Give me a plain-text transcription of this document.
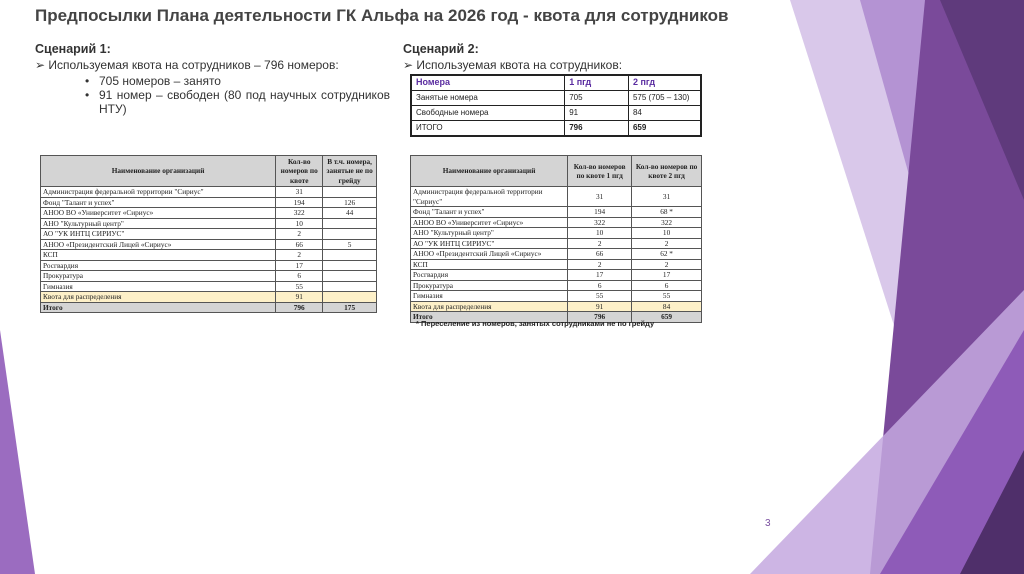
Предпосылки Плана деятельности ГК Альфа на 2026 год - квота для сотрудников
Сценарий 1:

➢ Используемая квота на сотрудников – 796 номеров:

• 705 номеров – занято
• 91 номер – свободен (80 под научных сотрудников НТУ)
Сценарий 2:

➢ Используемая квота на сотрудников:

Номера	1 пгд	2 пгд
Занятые номера	705	575 (705 – 130)
Свободные номера	91	84
ИТОГО	796	659
Наименование организаций	Кол-во номеров по квоте	В т.ч. номера, занятые не по грейду
Администрация федеральной территории "Сириус"	31	
Фонд "Талант и успех"	194	126
АНОО ВО «Университет «Сириус»	322	44
АНО "Культурный центр"	10	
АО "УК ИНТЦ СИРИУС"	2	
АНОО «Президентский Лицей «Сириус»	66	5
КСП	2	
Росгвардия	17	
Прокуратура	6	
Гимназия	55	
Квота для распределения	91	
Итого	796	175
Наименование организаций	Кол-во номеров по квоте 1 пгд	Кол-во номеров по квоте 2 пгд
Администрация федеральной территории "Сириус"	31	31
Фонд "Талант и успех"	194	68 *
АНОО ВО «Университет «Сириус»	322	322
АНО "Культурный центр"	10	10
АО "УК ИНТЦ СИРИУС"	2	2
АНОО «Президентский Лицей «Сириус»	66	62 *
КСП	2	2
Росгвардия	17	17
Прокуратура	6	6
Гимназия	55	55
Квота для распределения	91	84
Итого	796	659
* Переселение из номеров, занятых сотрудниками не по грейду
3
